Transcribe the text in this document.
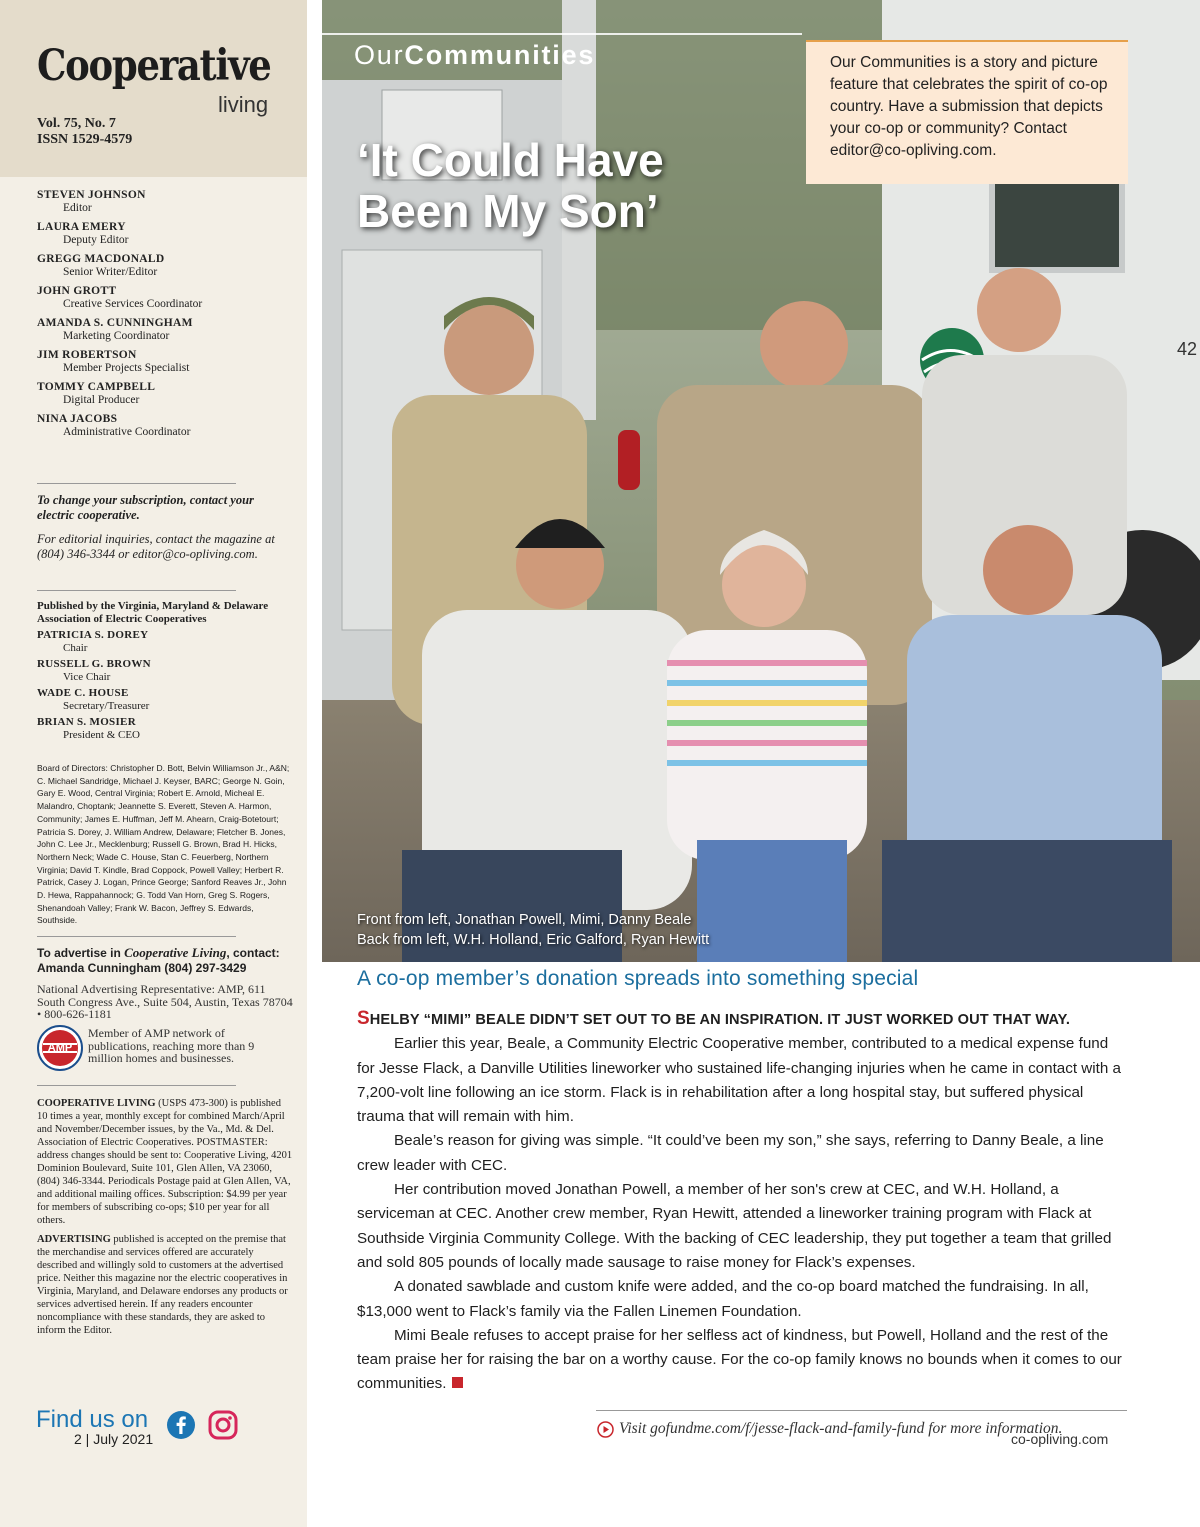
Cooperative
living
Vol. 75, No. 7
ISSN 1529-4579
STEVEN JOHNSON
Editor
LAURA EMERY
Deputy Editor
GREGG MACDONALD
Senior Writer/Editor
JOHN GROTT
Creative Services Coordinator
AMANDA S. CUNNINGHAM
Marketing Coordinator
JIM ROBERTSON
Member Projects Specialist
TOMMY CAMPBELL
Digital Producer
NINA JACOBS
Administrative Coordinator

To change your subscription, contact your electric cooperative.

For editorial inquiries, contact the magazine at (804) 346-3344 or editor@co-opliving.com.

Published by the Virginia, Maryland & Delaware Association of Electric Cooperatives
PATRICIA S. DOREY
Chair
RUSSELL G. BROWN
Vice Chair
WADE C. HOUSE
Secretary/Treasurer
BRIAN S. MOSIER
President & CEO
Board of Directors: Christopher D. Bott, Belvin Williamson Jr., A&N; C. Michael Sandridge, Michael J. Keyser, BARC; George N. Goin, Gary E. Wood, Central Virginia; Robert E. Arnold, Micheal E. Malandro, Choptank; Jeannette S. Everett, Steven A. Harmon, Community; James E. Huffman, Jeff M. Ahearn, Craig-Botetourt; Patricia S. Dorey, J. William Andrew, Delaware; Fletcher B. Jones, John C. Lee Jr., Mecklenburg; Russell G. Brown, Brad H. Hicks, Northern Neck; Wade C. House, Stan C. Feuerberg, Northern Virginia; David T. Kindle, Brad Coppock, Powell Valley; Herbert R. Patrick, Casey J. Logan, Prince George; Sanford Reaves Jr., John D. Hewa, Rappahannock; G. Todd Van Horn, Greg S. Rogers, Shenandoah Valley; Frank W. Bacon, Jeffrey S. Edwards, Southside.
To advertise in Cooperative Living, contact:
Amanda Cunningham (804) 297-3429
National Advertising Representative: AMP, 611 South Congress Ave., Suite 504, Austin, Texas 78704 • 800-626-1181
AMP
Member of AMP network of publications, reaching more than 9 million homes and businesses.

COOPERATIVE LIVING (USPS 473-300) is published 10 times a year, monthly except for combined March/April and November/December issues, by the Va., Md. & Del. Association of Electric Cooperatives. POSTMASTER: address changes should be sent to: Cooperative Living, 4201 Dominion Boulevard, Suite 101, Glen Allen, VA 23060, (804) 346-3344. Periodicals Postage paid at Glen Allen, VA, and additional mailing offices. Subscription: $4.99 per year for members of subscribing co-ops; $10 per year for all others.

ADVERTISING published is accepted on the premise that the merchandise and services offered are accurately described and willingly sold to customers at the advertised price. Neither this magazine nor the electric cooperatives in Virginia, Maryland, and Delaware endorses any products or services advertised herein. If any readers encounter noncompliance with these standards, they are asked to inform the Editor.

Find us on
2 | July 2021
42
OurCommunities
‘It Could Have Been My Son’
Our Communities is a story and picture feature that celebrates the spirit of co-op country. Have a submission that depicts your co-op or community? Contact editor@co-opliving.com.
Front from left, Jonathan Powell, Mimi, Danny Beale
Back from left, W.H. Holland, Eric Galford, Ryan Hewitt
A co-op member’s donation spreads into something special

SHELBY “MIMI” BEALE DIDN’T SET OUT TO BE AN INSPIRATION. IT JUST WORKED OUT THAT WAY.

Earlier this year, Beale, a Community Electric Cooperative member, contributed to a medical expense fund for Jesse Flack, a Danville Utilities lineworker who sustained life-changing injuries when he came in contact with a 7,200-volt line following an ice storm. Flack is in rehabilitation after a long hospital stay, but suffered physical trauma that will remain with him.

Beale’s reason for giving was simple. “It could’ve been my son,” she says, referring to Danny Beale, a line crew leader with CEC.

Her contribution moved Jonathan Powell, a member of her son's crew at CEC, and W.H. Holland, a serviceman at CEC. Another crew member, Ryan Hewitt, attended a lineworker training program with Flack at Southside Virginia Community College. With the backing of CEC leadership, they put together a team that grilled and sold 805 pounds of locally made sausage to raise money for Flack’s expenses.

A donated sawblade and custom knife were added, and the co-op board matched the fundraising. In all, $13,000 went to Flack’s family via the Fallen Linemen Foundation.

Mimi Beale refuses to accept praise for her selfless act of kindness, but Powell, Holland and the rest of the team praise her for raising the bar on a worthy cause. For the co-op family knows no bounds when it comes to our communities.

Visit gofundme.com/f/jesse-flack-and-family-fund for more information.
co-opliving.com
